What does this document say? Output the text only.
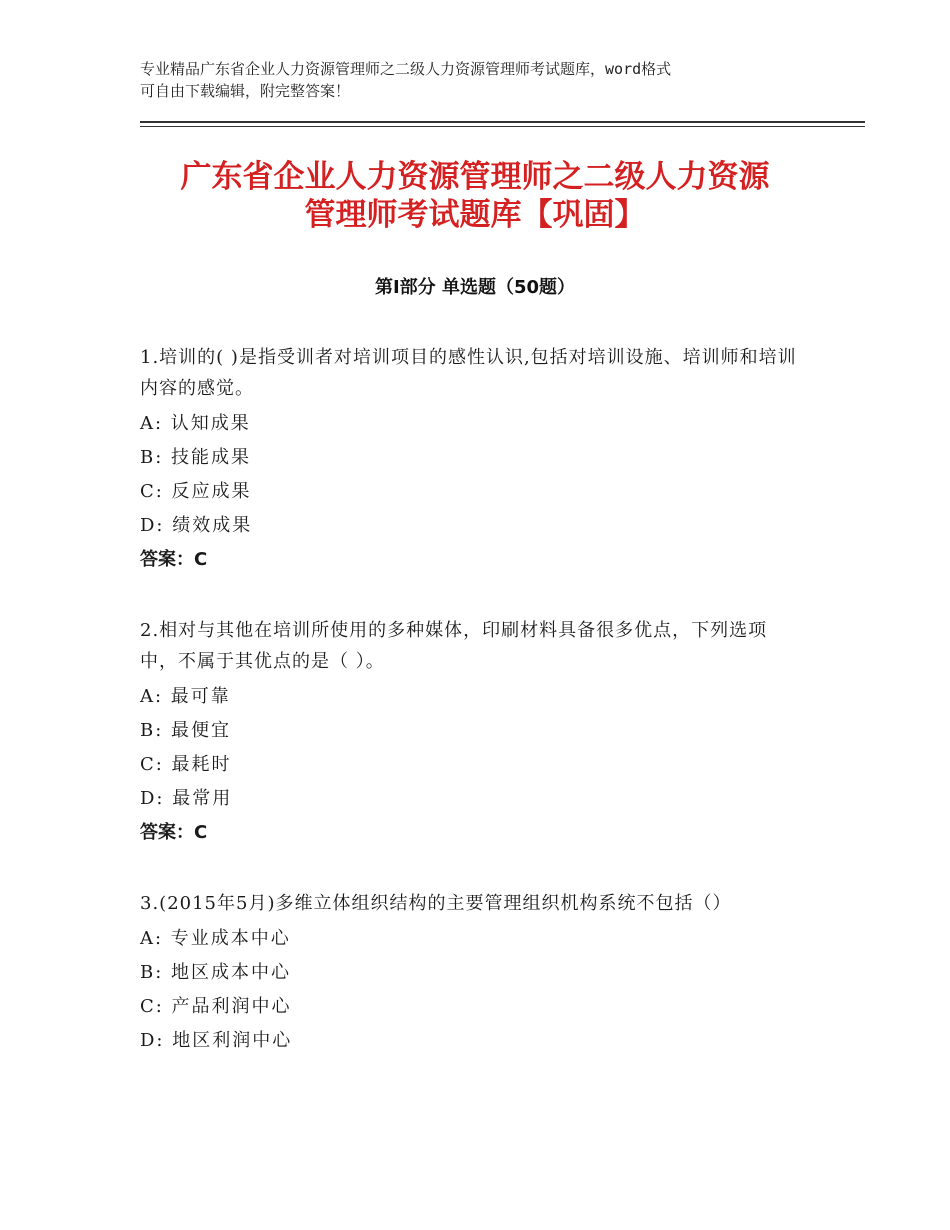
专业精品广东省企业人力资源管理师之二级人力资源管理师考试题库，word格式
可自由下载编辑，附完整答案！
广东省企业人力资源管理师之二级人力资源
管理师考试题库【巩固】
第Ⅰ部分 单选题（50题）
1.培训的( )是指受训者对培训项目的感性认识,包括对培训设施、培训师和培训内容的感觉。
A: 认知成果
B: 技能成果
C: 反应成果
D: 绩效成果
答案：C
2.相对与其他在培训所使用的多种媒体，印刷材料具备很多优点，下列选项中，不属于其优点的是（ ）。
A: 最可靠
B: 最便宜
C: 最耗时
D: 最常用
答案：C
3.(2015年5月)多维立体组织结构的主要管理组织机构系统不包括（）
A: 专业成本中心
B: 地区成本中心
C: 产品利润中心
D: 地区利润中心
